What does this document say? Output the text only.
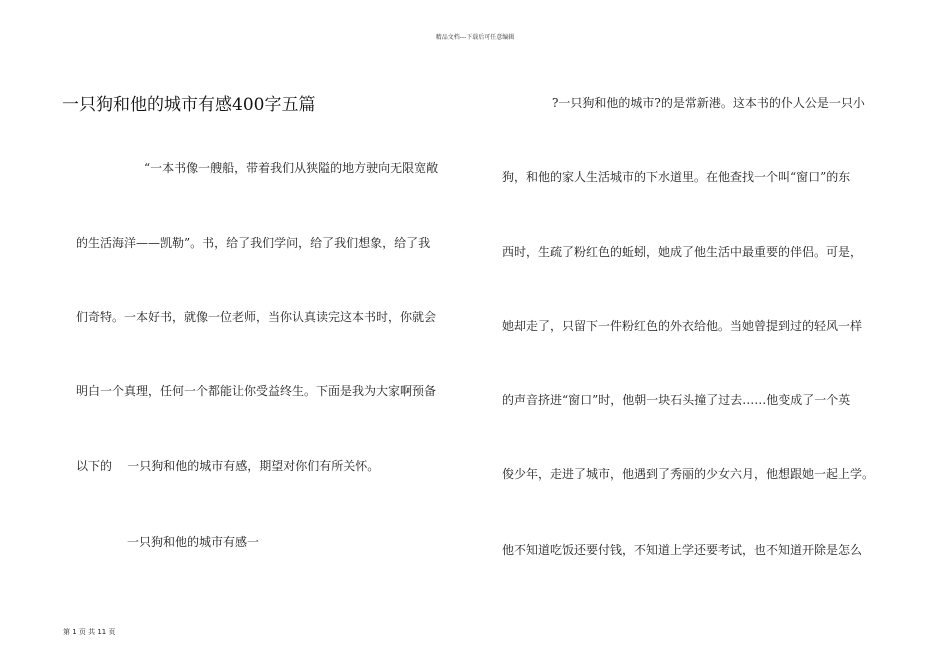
精品文档---下载后可任意编辑
一只狗和他的城市有感400字五篇
“一本书像一艘船，带着我们从狭隘的地方驶向无限宽敞
的生活海洋——凯勒”。书，给了我们学问，给了我们想象，给了我
们奇特。一本好书，就像一位老师，当你认真读完这本书时，你就会
明白一个真理，任何一个都能让你受益终生。下面是我为大家啊预备
以下的    一只狗和他的城市有感，期望对你们有所关怀。
一只狗和他的城市有感一
?一只狗和他的城市?的是常新港。这本书的仆人公是一只小
狗，和他的家人生活城市的下水道里。在他查找一个叫“窗口”的东
西时，生疏了粉红色的蚯蚓，她成了他生活中最重要的伴侣。可是，
她却走了，只留下一件粉红色的外衣给他。当她曾提到过的轻风一样
的声音挤进“窗口”时，他朝一块石头撞了过去……他变成了一个英
俊少年，走进了城市，他遇到了秀丽的少女六月，他想跟她一起上学。
他不知道吃饭还要付钱，不知道上学还要考试，也不知道开除是怎么
第 1 页 共 11 页
